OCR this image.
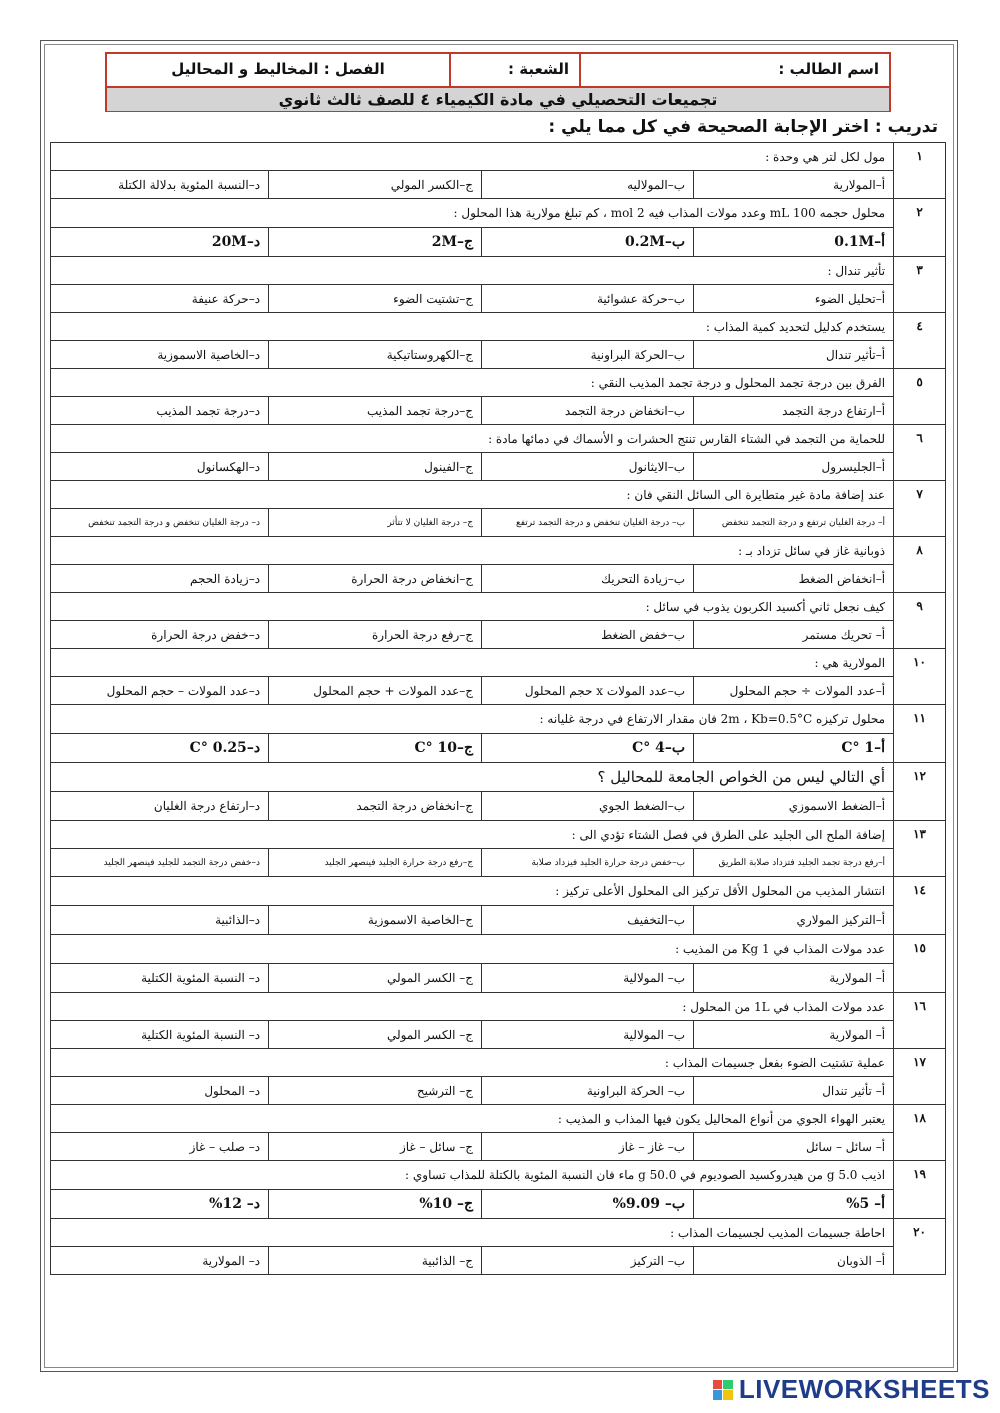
اسم الطالب :
الشعبة :
الفصل : المخاليط و المحاليل
تجميعات التحصيلي في مادة الكيمياء ٤ للصف ثالث ثانوي
تدريب : اختر الإجابة الصحيحة في كل مما يلي :
١	مول لكل لتر هي وحدة :			
	أ–المولارية	ب–المولاليه	ج–الكسر المولي	د–النسبة المئوية بدلالة الكتلة
٢	محلول حجمه 100 mL وعدد مولات المذاب فيه 2 mol ، كم تبلغ مولارية هذا المحلول :			
	أ–0.1M	ب–0.2M	ج–2M	د–20M
٣	تأثير تندال :			
	أ–تحليل الضوء	ب–حركة عشوائية	ج–تشتيت الضوء	د–حركة عنيفة
٤	يستخدم كدليل لتحديد كمية المذاب :			
	أ–تأثير تندال	ب–الحركة البراونية	ج–الكهروستاتيكية	د–الخاصية الاسموزية
٥	الفرق بين درجة تجمد المحلول و درجة تجمد المذيب النقي :			
	أ–ارتفاع درجة التجمد	ب–انخفاض درجة التجمد	ج–درجة تجمد المذيب	د–درجة تجمد المذيب
٦	للحماية من التجمد في الشتاء القارس تنتج الحشرات و الأسماك في دمائها مادة :			
	أ–الجليسرول	ب–الايثانول	ج–الفينول	د–الهكسانول
٧	عند إضافة مادة غير متطايرة الى السائل النقي فان :			
	أ– درجة الغليان ترتفع و درجة التجمد تنخفض	ب– درجة الغليان تنخفض و درجة التجمد ترتفع	ج– درجة الغليان لا تتأثر	د– درجة الغليان تنخفض و درجة التجمد تنخفض
٨	ذوبانية غاز في سائل تزداد بـ :			
	أ–انخفاض الضغط	ب–زيادة التحريك	ج–انخفاض درجة الحرارة	د–زيادة الحجم
٩	كيف نجعل ثاني أكسيد الكربون يذوب في سائل :			
	أ– تحريك مستمر	ب–خفض الضغط	ج–رفع درجة الحرارة	د–خفض درجة الحرارة
١٠	المولارية هي :			
	أ–عدد المولات ÷ حجم المحلول	ب–عدد المولات x حجم المحلول	ج–عدد المولات + حجم المحلول	د–عدد المولات – حجم المحلول
١١	محلول تركيزه 2m ، Kb=0.5°C فان مقدار الارتفاع في درجة غليانه :			
	أ–1 °C	ب–4 °C	ج–10 °C	د–0.25 °C
١٢	أي التالي ليس من الخواص الجامعة للمحاليل ؟			
	أ–الضغط الاسموزي	ب–الضغط الجوي	ج–انخفاض درجة التجمد	د–ارتفاع درجة الغليان
١٣	إضافة الملح الى الجليد على الطرق في فصل الشتاء تؤدي الى :			
	أ–رفع درجة تجمد الجليد فتزداد صلابة الطريق	ب–خفض درجة حرارة الجليد فيزداد صلابة	ج–رفع درجة حرارة الجليد فينصهر الجليد	د–خفض درجة التجمد للجليد فينصهر الجليد
١٤	انتشار المذيب من المحلول الأقل تركيز الى المحلول الأعلى تركيز :			
	أ–التركيز المولاري	ب–التخفيف	ج–الخاصية الاسموزية	د–الذائبية
١٥	عدد مولات المذاب في 1 Kg من المذيب :			
	أ– المولارية	ب– المولالية	ج– الكسر المولي	د– النسبة المئوية الكتلية
١٦	عدد مولات المذاب في 1L من المحلول :			
	أ– المولارية	ب– المولالية	ج– الكسر المولي	د– النسبة المئوية الكتلية
١٧	عملية تشتيت الضوء بفعل جسيمات المذاب :			
	أ– تأثير تندال	ب– الحركة البراونية	ج– الترشيح	د– المحلول
١٨	يعتبر الهواء الجوي من أنواع المحاليل يكون فيها المذاب و المذيب :			
	أ– سائل – سائل	ب– غاز – غاز	ج– سائل – غاز	د– صلب – غاز
١٩	اذيب 5.0 g من هيدروكسيد الصوديوم في 50.0 g ماء فان النسبة المئوية بالكتلة للمذاب تساوي :			
	أ– 5%	ب– 9.09%	ج– 10%	د– 12%
٢٠	احاطة جسيمات المذيب لجسيمات المذاب :			
	أ– الذوبان	ب– التركيز	ج– الذائبية	د– المولارية
LIVEWORKSHEETS
